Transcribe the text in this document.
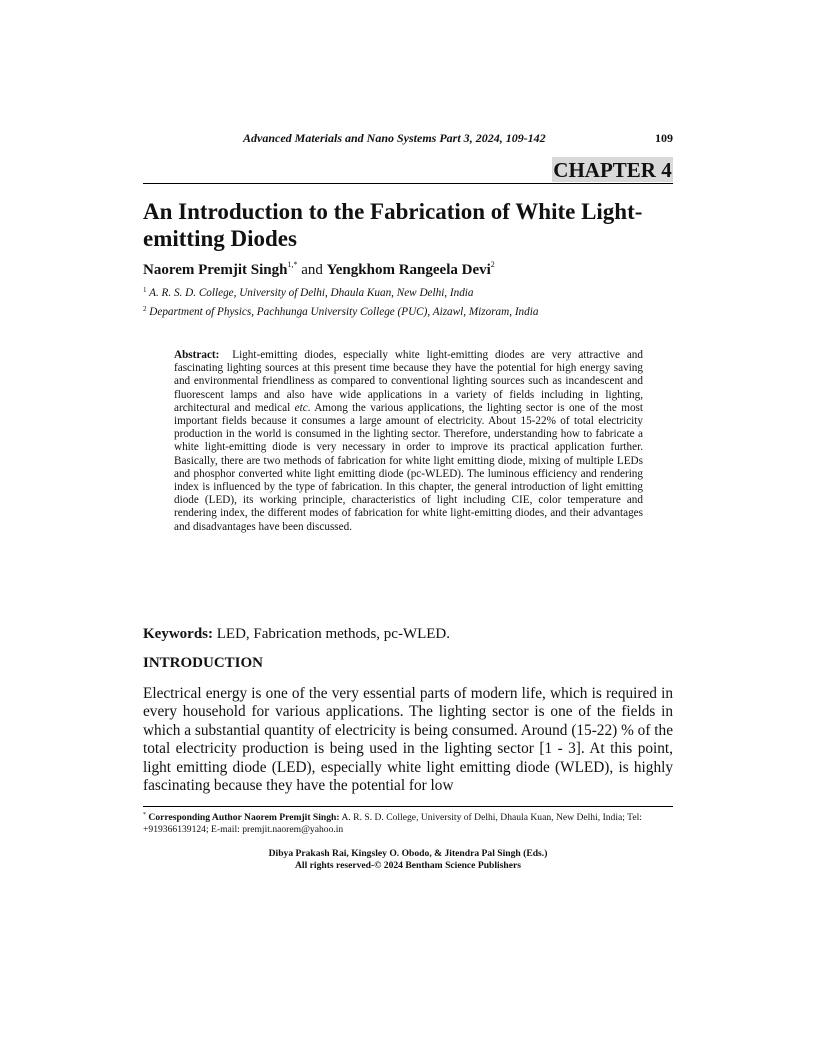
Advanced Materials and Nano Systems Part 3, 2024, 109-142	109
CHAPTER 4
An Introduction to the Fabrication of White Light-emitting Diodes
Naorem Premjit Singh$^{1,*}$ and Yengkhom Rangeela Devi$^2$
$^1$ A. R. S. D. College, University of Delhi, Dhaula Kuan, New Delhi, India
$^2$ Department of Physics, Pachhunga University College (PUC), Aizawl, Mizoram, India
Abstract: Light-emitting diodes, especially white light-emitting diodes are very attractive and fascinating lighting sources at this present time because they have the potential for high energy saving and environmental friendliness as compared to conventional lighting sources such as incandescent and fluorescent lamps and also have wide applications in a variety of fields including in lighting, architectural and medical etc. Among the various applications, the lighting sector is one of the most important fields because it consumes a large amount of electricity. About 15-22% of total electricity production in the world is consumed in the lighting sector. Therefore, understanding how to fabricate a white light-emitting diode is very necessary in order to improve its practical application further. Basically, there are two methods of fabrication for white light emitting diode, mixing of multiple LEDs and phosphor converted white light emitting diode (pc-WLED). The luminous efficiency and rendering index is influenced by the type of fabrication. In this chapter, the general introduction of light emitting diode (LED), its working principle, characteristics of light including CIE, color temperature and rendering index, the different modes of fabrication for white light-emitting diodes, and their advantages and disadvantages have been discussed.
Keywords: LED, Fabrication methods, pc-WLED.
INTRODUCTION
Electrical energy is one of the very essential parts of modern life, which is required in every household for various applications. The lighting sector is one of the fields in which a substantial quantity of electricity is being consumed. Around (15-22) % of the total electricity production is being used in the lighting sector [1 - 3]. At this point, light emitting diode (LED), especially white light emitting diode (WLED), is highly fascinating because they have the potential for low
* Corresponding Author Naorem Premjit Singh: A. R. S. D. College, University of Delhi, Dhaula Kuan, New Delhi, India; Tel: +919366139124; E-mail: premjit.naorem@yahoo.in
Dibya Prakash Rai, Kingsley O. Obodo, & Jitendra Pal Singh (Eds.)
All rights reserved-© 2024 Bentham Science Publishers
